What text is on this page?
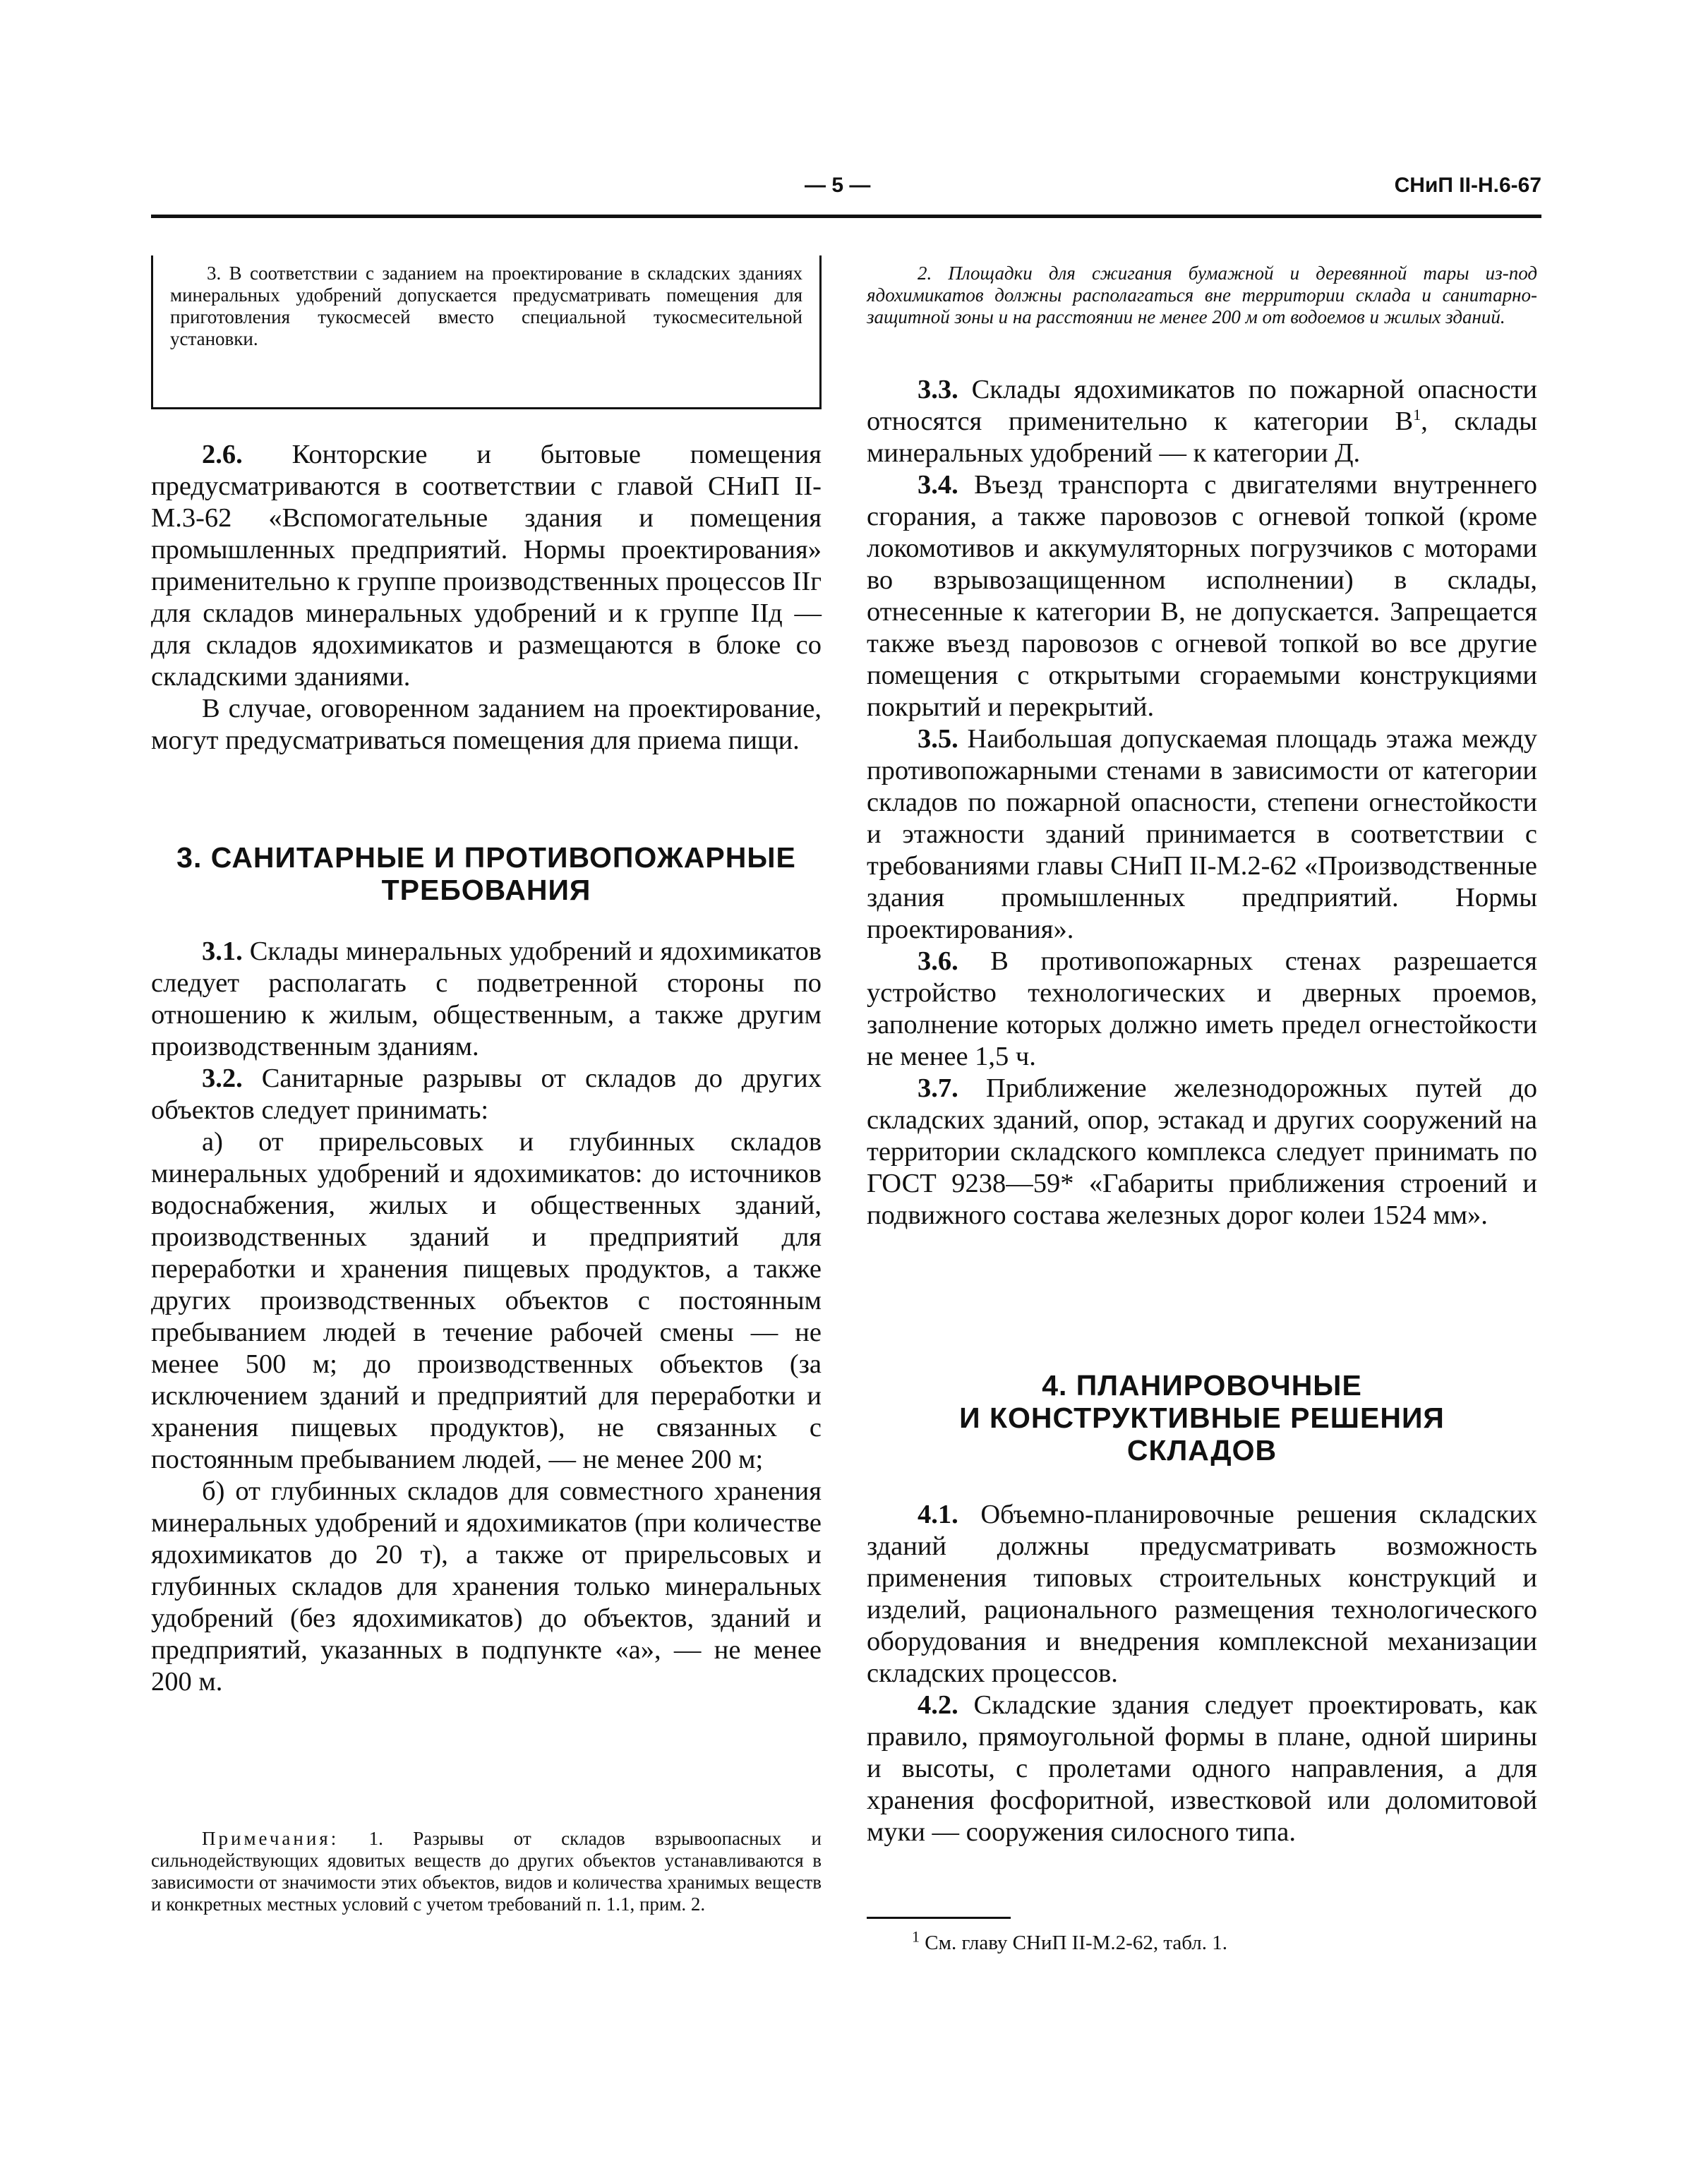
— 5 —	СНиП II-Н.6-67

3. В соответствии с заданием на проектирование в складских зданиях минеральных удобрений допускается предусматривать помещения для приготовления тукосмесей вместо специальной тукосмесительной установки.

2.6. Конторские и бытовые помещения предусматриваются в соответствии с главой СНиП II-М.3-62 «Вспомогательные здания и помещения промышленных предприятий. Нормы проектирования» применительно к группе производственных процессов IIг для складов минеральных удобрений и к группе IIд — для складов ядохимикатов и размещаются в блоке со складскими зданиями.

В случае, оговоренном заданием на проектирование, могут предусматриваться помещения для приема пищи.

3. САНИТАРНЫЕ И ПРОТИВОПОЖАРНЫЕ
ТРЕБОВАНИЯ

3.1. Склады минеральных удобрений и ядохимикатов следует располагать с подветренной стороны по отношению к жилым, общественным, а также другим производственным зданиям.

3.2. Санитарные разрывы от складов до других объектов следует принимать:

а) от прирельсовых и глубинных складов минеральных удобрений и ядохимикатов: до источников водоснабжения, жилых и общественных зданий, производственных зданий и предприятий для переработки и хранения пищевых продуктов, а также других производственных объектов с постоянным пребыванием людей в течение рабочей смены — не менее 500 м; до производственных объектов (за исключением зданий и предприятий для переработки и хранения пищевых продуктов), не связанных с постоянным пребыванием людей, — не менее 200 м;

б) от глубинных складов для совместного хранения минеральных удобрений и ядохимикатов (при количестве ядохимикатов до 20 т), а также от прирельсовых и глубинных складов для хранения только минеральных удобрений (без ядохимикатов) до объектов, зданий и предприятий, указанных в подпункте «а», — не менее 200 м.

Примечания: 1. Разрывы от складов взрывоопасных и сильнодействующих ядовитых веществ до других объектов устанавливаются в зависимости от значимости этих объектов, видов и количества хранимых веществ и конкретных местных условий с учетом требований п. 1.1, прим. 2.

2. Площадки для сжигания бумажной и деревянной тары из-под ядохимикатов должны располагаться вне территории склада и санитарно-защитной зоны и на расстоянии не менее 200 м от водоемов и жилых зданий.

3.3. Склады ядохимикатов по пожарной опасности относятся применительно к категории $В^1$, склады минеральных удобрений — к категории Д.

3.4. Въезд транспорта с двигателями внутреннего сгорания, а также паровозов с огневой топкой (кроме локомотивов и аккумуляторных погрузчиков с моторами во взрывозащищенном исполнении) в склады, отнесенные к категории В, не допускается. Запрещается также въезд паровозов с огневой топкой во все другие помещения с открытыми сгораемыми конструкциями покрытий и перекрытий.

3.5. Наибольшая допускаемая площадь этажа между противопожарными стенами в зависимости от категории складов по пожарной опасности, степени огнестойкости и этажности зданий принимается в соответствии с требованиями главы СНиП II-М.2-62 «Производственные здания промышленных предприятий. Нормы проектирования».

3.6. В противопожарных стенах разрешается устройство технологических и дверных проемов, заполнение которых должно иметь предел огнестойкости не менее 1,5 ч.

3.7. Приближение железнодорожных путей до складских зданий, опор, эстакад и других сооружений на территории складского комплекса следует принимать по ГОСТ 9238—59* «Габариты приближения строений и подвижного состава железных дорог колеи 1524 мм».

4. ПЛАНИРОВОЧНЫЕ
И КОНСТРУКТИВНЫЕ РЕШЕНИЯ
СКЛАДОВ

4.1. Объемно-планировочные решения складских зданий должны предусматривать возможность применения типовых строительных конструкций и изделий, рационального размещения технологического оборудования и внедрения комплексной механизации складских процессов.

4.2. Складские здания следует проектировать, как правило, прямоугольной формы в плане, одной ширины и высоты, с пролетами одного направления, а для хранения фосфоритной, известковой или доломитовой муки — сооружения силосного типа.

$^1$ См. главу СНиП II-М.2-62, табл. 1.
